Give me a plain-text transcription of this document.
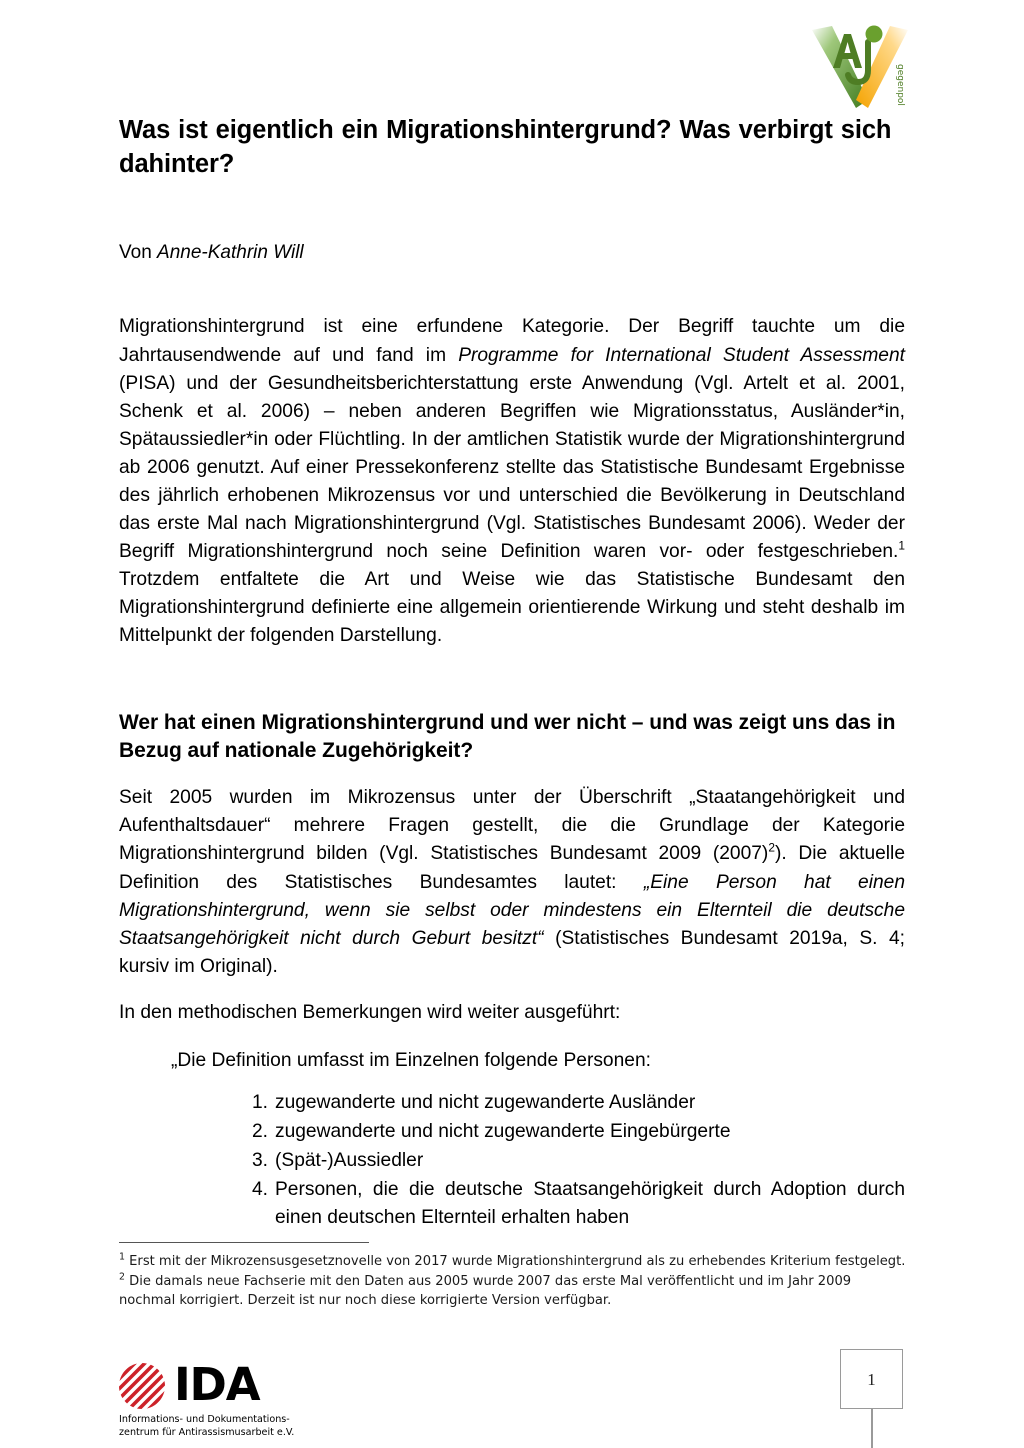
gegenpol
Was ist eigentlich ein Migrationshintergrund? Was verbirgt sich dahinter?

Von Anne-Kathrin Will

Migrationshintergrund ist eine erfundene Kategorie. Der Begriff tauchte um die Jahrtausendwende auf und fand im Programme for International Student Assessment (PISA) und der Gesundheitsberichterstattung erste Anwendung (Vgl. Artelt et al. 2001, Schenk et al. 2006) – neben anderen Begriffen wie Migrationsstatus, Ausländer*in, Spätaussiedler*in oder Flüchtling. In der amtlichen Statistik wurde der Migrationshintergrund ab 2006 genutzt. Auf einer Pressekonferenz stellte das Statistische Bundesamt Ergebnisse des jährlich erhobenen Mikrozensus vor und unterschied die Bevölkerung in Deutschland das erste Mal nach Migrationshintergrund (Vgl. Statistisches Bundesamt 2006). Weder der Begriff Migrationshintergrund noch seine Definition waren vor- oder festgeschrieben.$^1$ Trotzdem entfaltete die Art und Weise wie das Statistische Bundesamt den Migrationshintergrund definierte eine allgemein orientierende Wirkung und steht deshalb im Mittelpunkt der folgenden Darstellung.

Wer hat einen Migrationshintergrund und wer nicht – und was zeigt uns das in Bezug auf nationale Zugehörigkeit?

Seit 2005 wurden im Mikrozensus unter der Überschrift „Staatangehörigkeit und Aufenthaltsdauer“ mehrere Fragen gestellt, die die Grundlage der Kategorie Migrationshintergrund bilden (Vgl. Statistisches Bundesamt 2009 (2007)$^2$). Die aktuelle Definition des Statistisches Bundesamtes lautet: „Eine Person hat einen Migrationshintergrund, wenn sie selbst oder mindestens ein Elternteil die deutsche Staatsangehörigkeit nicht durch Geburt besitzt“ (Statistisches Bundesamt 2019a, S. 4; kursiv im Original).

In den methodischen Bemerkungen wird weiter ausgeführt:

„Die Definition umfasst im Einzelnen folgende Personen:

zugewanderte und nicht zugewanderte Ausländer
zugewanderte und nicht zugewanderte Eingebürgerte
(Spät-)Aussiedler
Personen, die die deutsche Staatsangehörigkeit durch Adoption durch einen deutschen Elternteil erhalten haben

$^1$ Erst mit der Mikrozensusgesetznovelle von 2017 wurde Migrationshintergrund als zu erhebendes Kriterium festgelegt.

$^2$ Die damals neue Fachserie mit den Daten aus 2005 wurde 2007 das erste Mal veröffentlicht und im Jahr 2009 nochmal korrigiert. Derzeit ist nur noch diese korrigierte Version verfügbar.

IDA
Informations- und Dokumentations-
zentrum für Antirassismusarbeit e.V.
1
